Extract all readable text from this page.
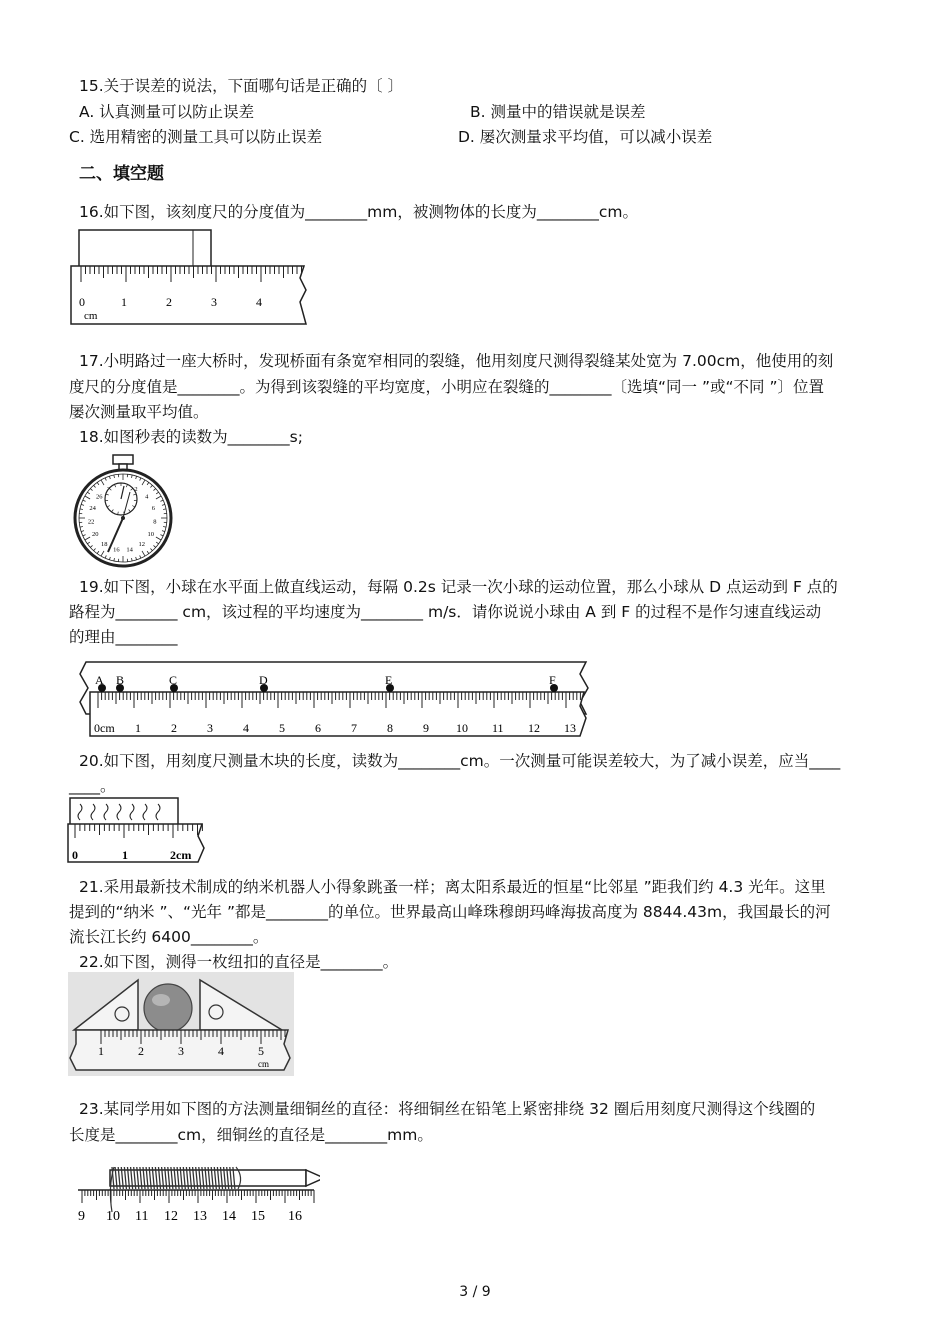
15.关于误差的说法，下面哪句话是正确的〔 〕
A. 认真测量可以防止误差	B. 测量中的错误就是误差
C. 选用精密的测量工具可以防止误差	D. 屡次测量求平均值，可以减小误差
二、填空题
16.如下图，该刻度尺的分度值为________mm，被测物体的长度为________cm。
0	1	2	3	4
cm
17.小明路过一座大桥时，发现桥面有条宽窄相同的裂缝，他用刻度尺测得裂缝某处宽为 7.00cm，他使用的刻
度尺的分度值是________。为得到该裂缝的平均宽度，小明应在裂缝的________〔选填“同一 ”或“不同 ”〕位置
屡次测量取平均值。
18.如图秒表的读数为________s;
26
24
22
20
18
16 14
12
10
8
6
4
2
19.如下图，小球在水平面上做直线运动，每隔 0.2s 记录一次小球的运动位置，那么小球从 D 点运动到 F 点的
路程为________ cm，该过程的平均速度为________ m/s．请你说说小球由 A 到 F 的过程不是作匀速直线运动
的理由________
0cm 1	2	3	4	5	6	7	8	9 10 11 12 13
A B	C	D	E	F
20.如下图，用刻度尺测量木块的长度，读数为________cm。一次测量可能误差较大，为了减小误差，应当____
____。
0	1	2cm
21.采用最新技术制成的纳米机器人小得象跳蚤一样；离太阳系最近的恒星“比邻星 ”距我们约 4.3 光年。这里
提到的“纳米 ”、“光年 ”都是________的单位。世界最高山峰珠穆朗玛峰海拔高度为 8844.43m，我国最长的河
流长江长约 6400________。
22.如下图，测得一枚纽扣的直径是________。
1	2	3	4	5
cm
23.某同学用如下图的方法测量细铜丝的直径：将细铜丝在铅笔上紧密排绕 32 圈后用刻度尺测得这个线圈的
长度是________cm，细铜丝的直径是________mm。
9 10 11 12 13 14 15 16
3 / 9
